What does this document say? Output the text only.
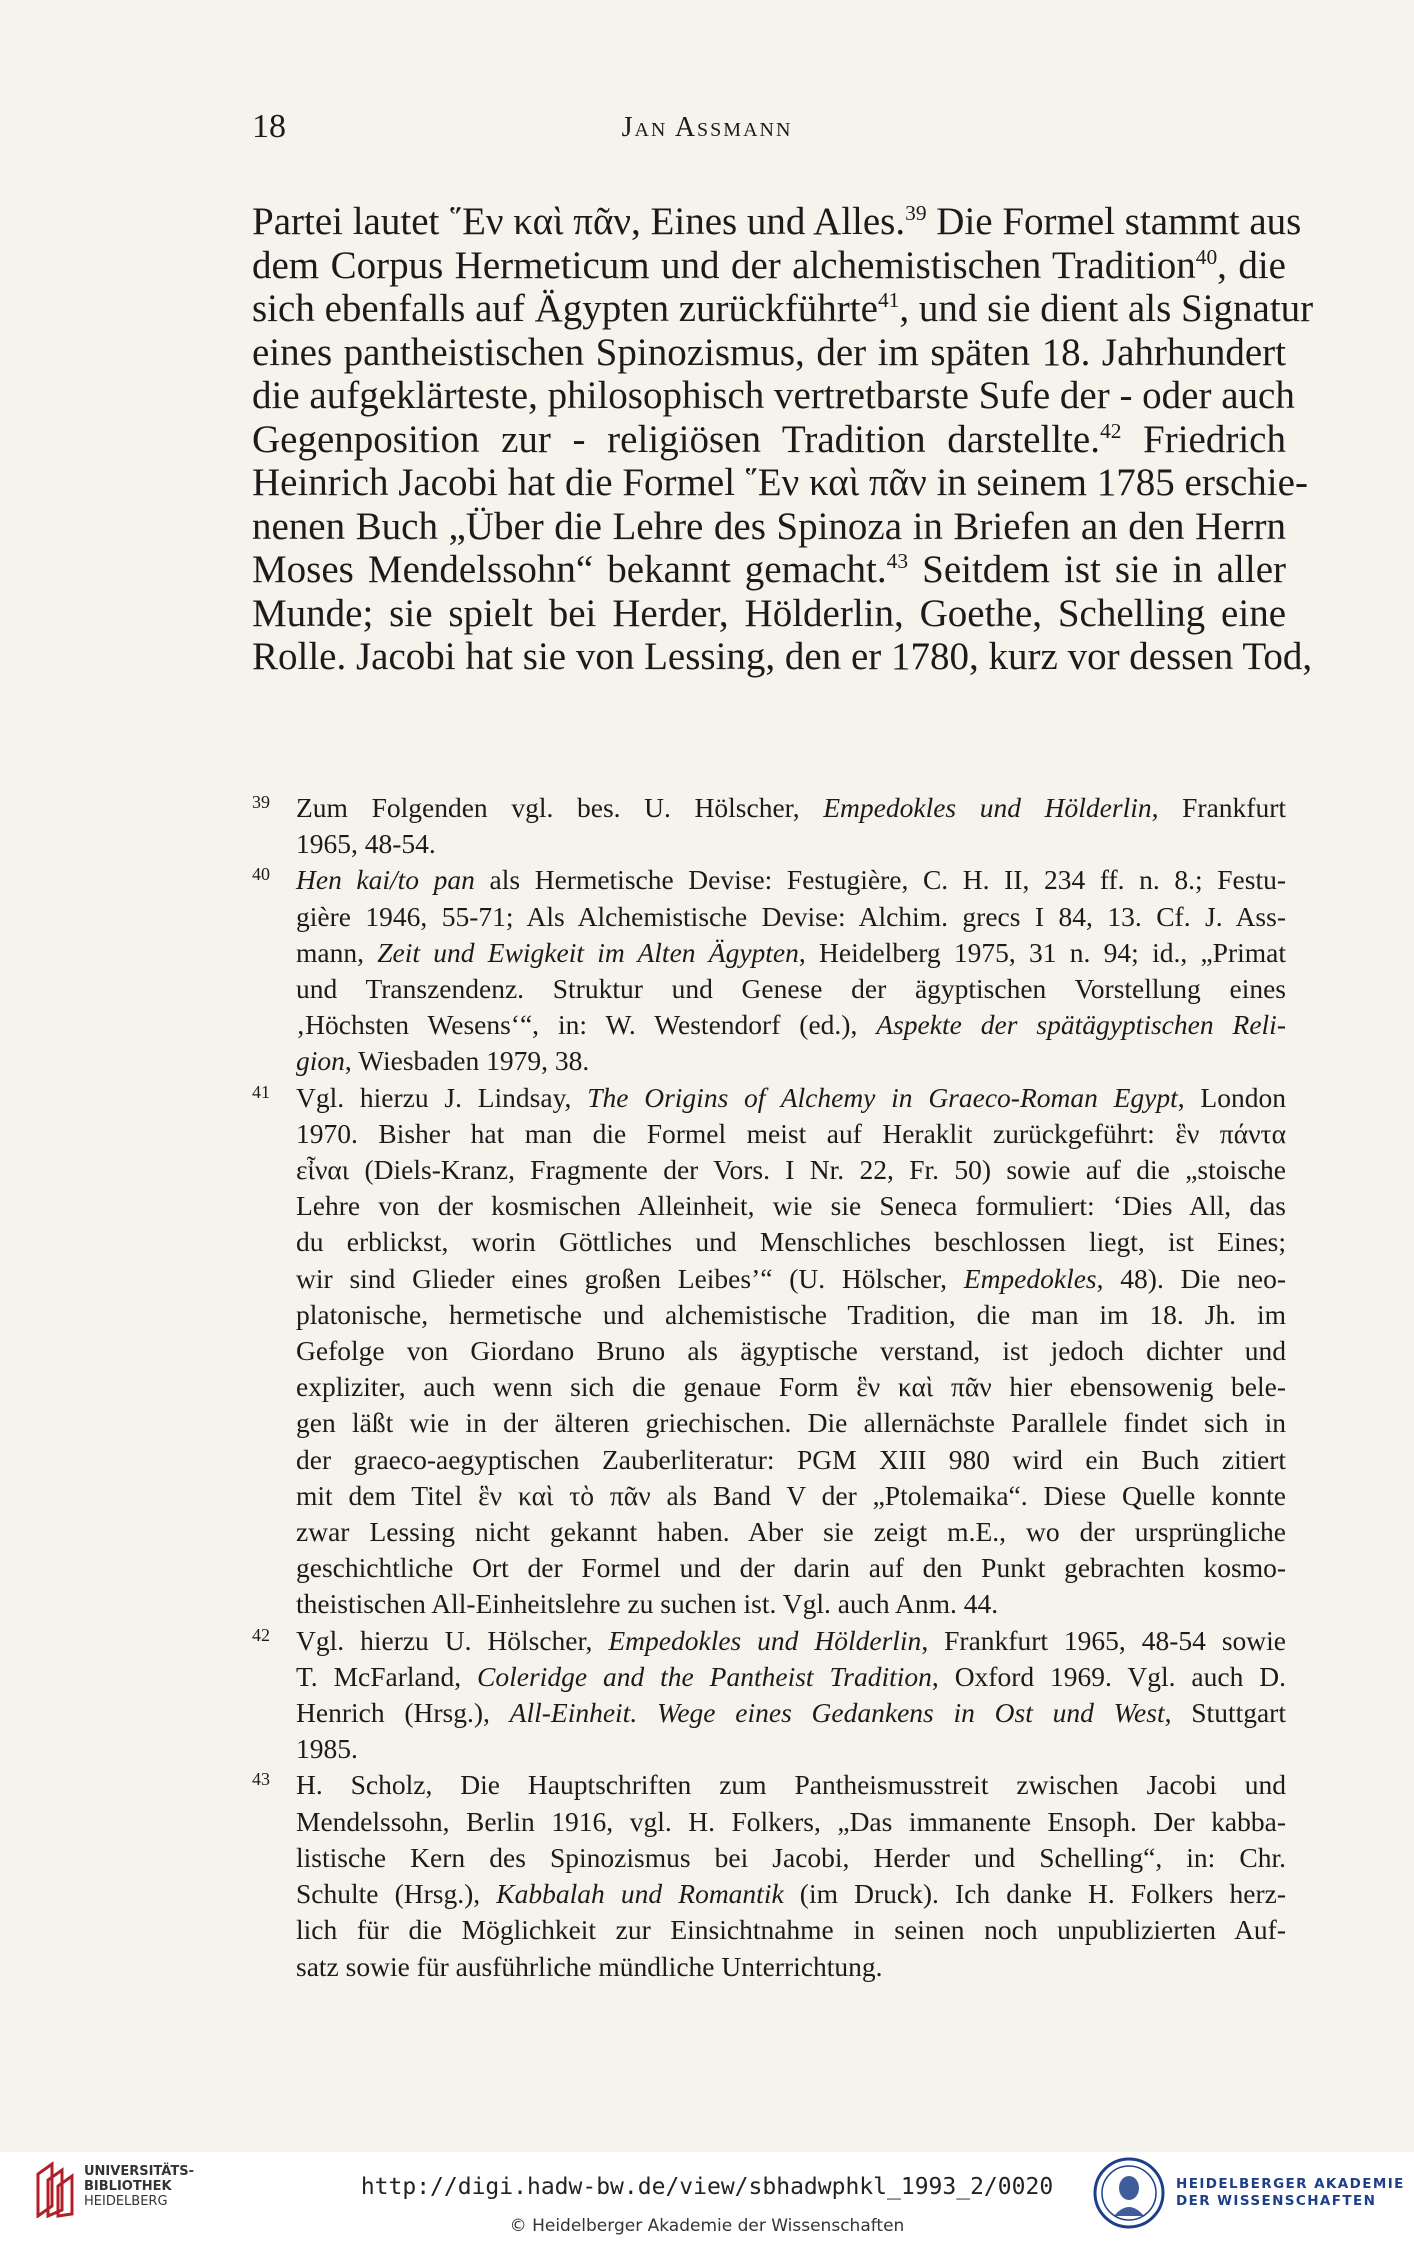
18	Jan Assmann
Partei lautet ῞Εν καὶ πᾶν, Eines und Alles.$^{39}$ Die Formel stammt aus
dem Corpus Hermeticum und der alchemistischen Tradition$^{40}$, die
sich ebenfalls auf Ägypten zurückführte$^{41}$, und sie dient als Signatur
eines pantheistischen Spinozismus, der im späten 18. Jahrhundert
die aufgeklärteste, philosophisch vertretbarste Sufe der - oder auch
Gegenposition zur - religiösen Tradition darstellte.$^{42}$ Friedrich
Heinrich Jacobi hat die Formel ῞Εν καὶ πᾶν in seinem 1785 erschie-
nenen Buch „Über die Lehre des Spinoza in Briefen an den Herrn
Moses Mendelssohn“ bekannt gemacht.$^{43}$ Seitdem ist sie in aller
Munde; sie spielt bei Herder, Hölderlin, Goethe, Schelling eine
Rolle. Jacobi hat sie von Lessing, den er 1780, kurz vor dessen Tod,
39 Zum Folgenden vgl. bes. U. Hölscher, Empedokles und Hölderlin, Frankfurt
1965, 48-54.
40 Hen kai/to pan als Hermetische Devise: Festugière, C. H. II, 234 ff. n. 8.; Festu-
gière 1946, 55-71; Als Alchemistische Devise: Alchim. grecs I 84, 13. Cf. J. Ass-
mann, Zeit und Ewigkeit im Alten Ägypten, Heidelberg 1975, 31 n. 94; id., „Primat
und Transzendenz. Struktur und Genese der ägyptischen Vorstellung eines
‚Höchsten Wesens‘“, in: W. Westendorf (ed.), Aspekte der spätägyptischen Reli-
gion, Wiesbaden 1979, 38.
41 Vgl. hierzu J. Lindsay, The Origins of Alchemy in Graeco-Roman Egypt, London
1970. Bisher hat man die Formel meist auf Heraklit zurückgeführt: ἓν πάντα
εἶναι (Diels-Kranz, Fragmente der Vors. I Nr. 22, Fr. 50) sowie auf die „stoische
Lehre von der kosmischen Alleinheit, wie sie Seneca formuliert: ‘Dies All, das
du erblickst, worin Göttliches und Menschliches beschlossen liegt, ist Eines;
wir sind Glieder eines großen Leibes’“ (U. Hölscher, Empedokles, 48). Die neo-
platonische, hermetische und alchemistische Tradition, die man im 18. Jh. im
Gefolge von Giordano Bruno als ägyptische verstand, ist jedoch dichter und
expliziter, auch wenn sich die genaue Form ἓν καὶ πᾶν hier ebensowenig bele-
gen läßt wie in der älteren griechischen. Die allernächste Parallele findet sich in
der graeco-aegyptischen Zauberliteratur: PGM XIII 980 wird ein Buch zitiert
mit dem Titel ἓν καὶ τὸ πᾶν als Band V der „Ptolemaika“. Diese Quelle konnte
zwar Lessing nicht gekannt haben. Aber sie zeigt m.E., wo der ursprüngliche
geschichtliche Ort der Formel und der darin auf den Punkt gebrachten kosmo-
theistischen All-Einheitslehre zu suchen ist. Vgl. auch Anm. 44.
42 Vgl. hierzu U. Hölscher, Empedokles und Hölderlin, Frankfurt 1965, 48-54 sowie
T. McFarland, Coleridge and the Pantheist Tradition, Oxford 1969. Vgl. auch D.
Henrich (Hrsg.), All-Einheit. Wege eines Gedankens in Ost und West, Stuttgart
1985.
43 H. Scholz, Die Hauptschriften zum Pantheismusstreit zwischen Jacobi und
Mendelssohn, Berlin 1916, vgl. H. Folkers, „Das immanente Ensoph. Der kabba-
listische Kern des Spinozismus bei Jacobi, Herder und Schelling“, in: Chr.
Schulte (Hrsg.), Kabbalah und Romantik (im Druck). Ich danke H. Folkers herz-
lich für die Möglichkeit zur Einsichtnahme in seinen noch unpublizierten Auf-
satz sowie für ausführliche mündliche Unterrichtung.
UNIVERSITÄTS-
BIBLIOTHEK
HEIDELBERG
http://digi.hadw-bw.de/view/sbhadwphkl_1993_2/0020
© Heidelberger Akademie der Wissenschaften
HEIDELBERGER AKADEMIE
DER WISSENSCHAFTEN
